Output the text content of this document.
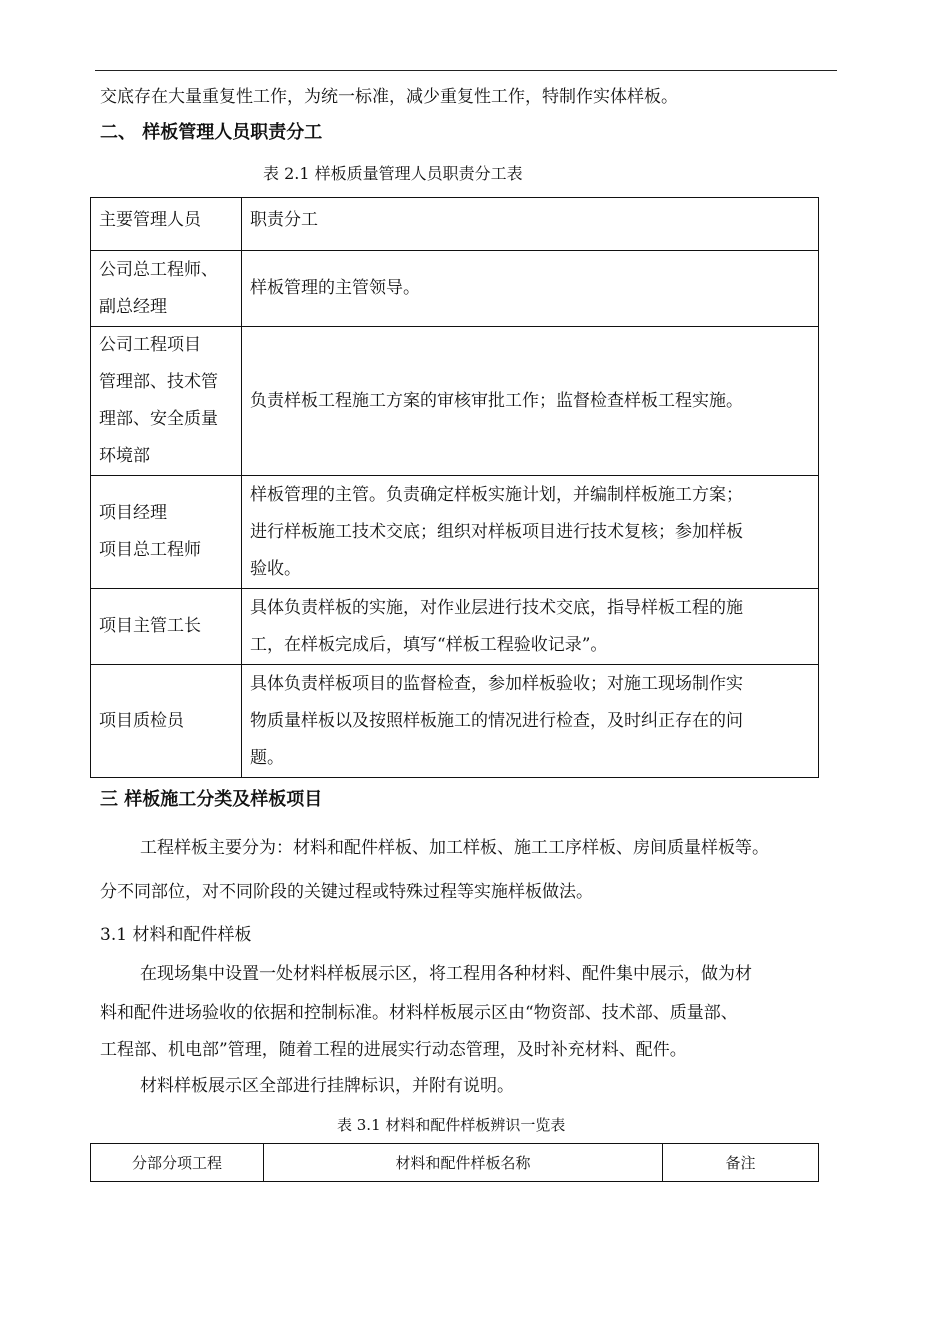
交底存在大量重复性工作，为统一标准，减少重复性工作，特制作实体样板。
二、 样板管理人员职责分工
表 2.1 样板质量管理人员职责分工表
主要管理人员	职责分工
公司总工程师、
副总经理	样板管理的主管领导。
公司工程项目
管理部、技术管
理部、安全质量
环境部	负责样板工程施工方案的审核审批工作；监督检查样板工程实施。
项目经理
项目总工程师	样板管理的主管。负责确定样板实施计划，并编制样板施工方案；
进行样板施工技术交底；组织对样板项目进行技术复核；参加样板
验收。
项目主管工长	具体负责样板的实施，对作业层进行技术交底，指导样板工程的施
工，在样板完成后，填写“样板工程验收记录”。
项目质检员	具体负责样板项目的监督检查，参加样板验收；对施工现场制作实
物质量样板以及按照样板施工的情况进行检查，及时纠正存在的问
题。
三 样板施工分类及样板项目
工程样板主要分为：材料和配件样板、加工样板、施工工序样板、房间质量样板等。
分不同部位，对不同阶段的关键过程或特殊过程等实施样板做法。
3.1 材料和配件样板
在现场集中设置一处材料样板展示区，将工程用各种材料、配件集中展示，做为材
料和配件进场验收的依据和控制标准。材料样板展示区由“物资部、技术部、质量部、
工程部、机电部”管理，随着工程的进展实行动态管理，及时补充材料、配件。
材料样板展示区全部进行挂牌标识，并附有说明。
表 3.1 材料和配件样板辨识一览表
分部分项工程	材料和配件样板名称	备注
